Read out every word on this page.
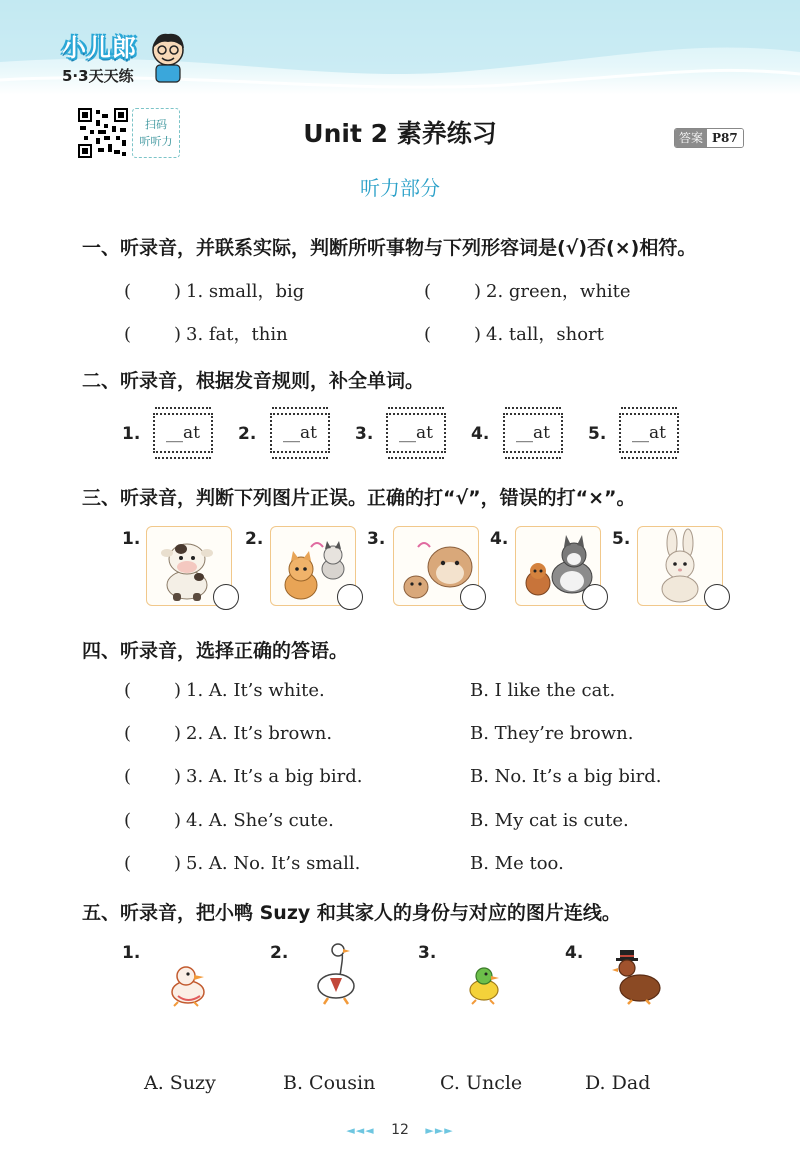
小儿郎
5·3天天练
扫码
听听力	Unit 2 素养练习	答案 P87
听力部分
一、听录音，并联系实际，判断所听事物与下列形容词是(√)否(×)相符。
( ) 1. small，big	( ) 2. green，white
( ) 3. fat，thin	( ) 4. tall，short
二、听录音，根据发音规则，补全单词。
1.	__at	2.	__at	3.	__at	4.	__at	5.	__at
三、听录音，判断下列图片正误。正确的打“√”，错误的打“×”。
1.	2.	3.	4.	5.
四、听录音，选择正确的答语。
( ) 1. A. It’s white.	B. I like the cat.
( ) 2. A. It’s brown.	B. They’re brown.
( ) 3. A. It’s a big bird.	B. No. It’s a big bird.
( ) 4. A. She’s cute.	B. My cat is cute.
( ) 5. A. No. It’s small.	B. Me too.
五、听录音，把小鸭 Suzy 和其家人的身份与对应的图片连线。
1.	2.	3.	4.
A. Suzy	B. Cousin	C. Uncle	D. Dad
◄◄◄ 12 ►►►
